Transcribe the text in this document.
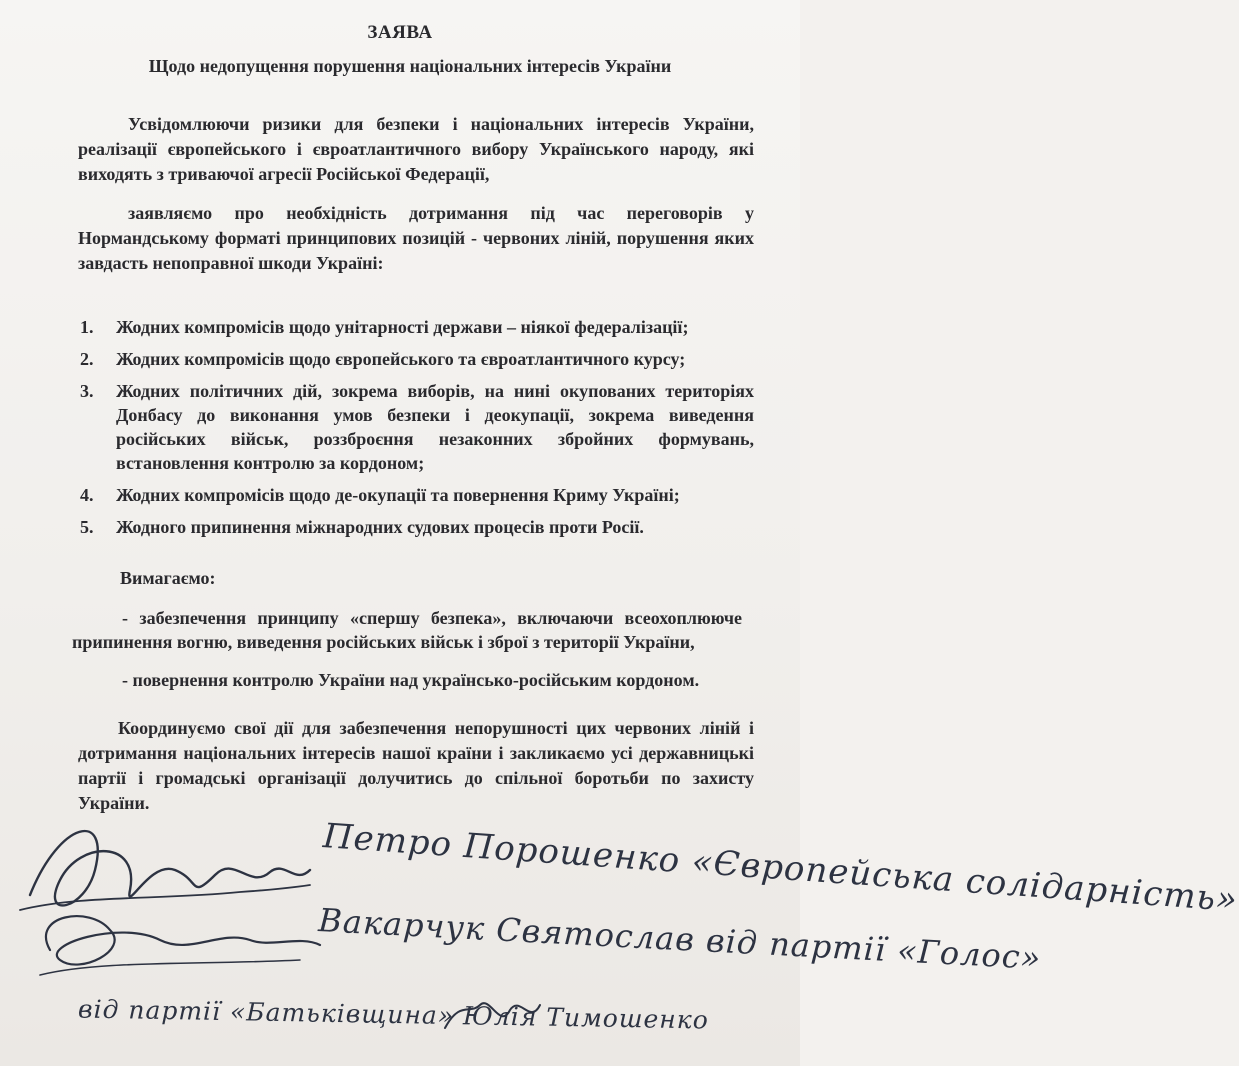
ЗАЯВА
Щодо недопущення порушення національних інтересів України
Усвідомлюючи ризики для безпеки і національних інтересів України, реалізації європейського і євроатлантичного вибору Українського народу, які виходять з триваючої агресії Російської Федерації,
заявляємо про необхідність дотримання під час переговорів у Нормандському форматі принципових позицій - червоних ліній, порушення яких завдасть непоправної шкоди Україні:
1. Жодних компромісів щодо унітарності держави – ніякої федералізації;
2. Жодних компромісів щодо європейського та євроатлантичного курсу;
3. Жодних політичних дій, зокрема виборів, на нині окупованих територіях Донбасу до виконання умов безпеки і деокупації, зокрема виведення російських військ, роззброєння незаконних збройних формувань, встановлення контролю за кордоном;
4. Жодних компромісів щодо де-окупації та повернення Криму Україні;
5. Жодного припинення міжнародних судових процесів проти Росії.
Вимагаємо:
- забезпечення принципу «спершу безпека», включаючи всеохоплююче припинення вогню, виведення російських військ і зброї з території України,
- повернення контролю України над українсько-російським кордоном.
Координуємо свої дії для забезпечення непорушності цих червоних ліній і дотримання національних інтересів нашої країни і закликаємо усі державницькі партії і громадські організації долучитись до спільної боротьби по захисту України.
Петро Порошенко «Європейська солідарність»
Вакарчук Святослав від партії «Голос»
від партії «Батьківщина» Юлія Тимошенко
